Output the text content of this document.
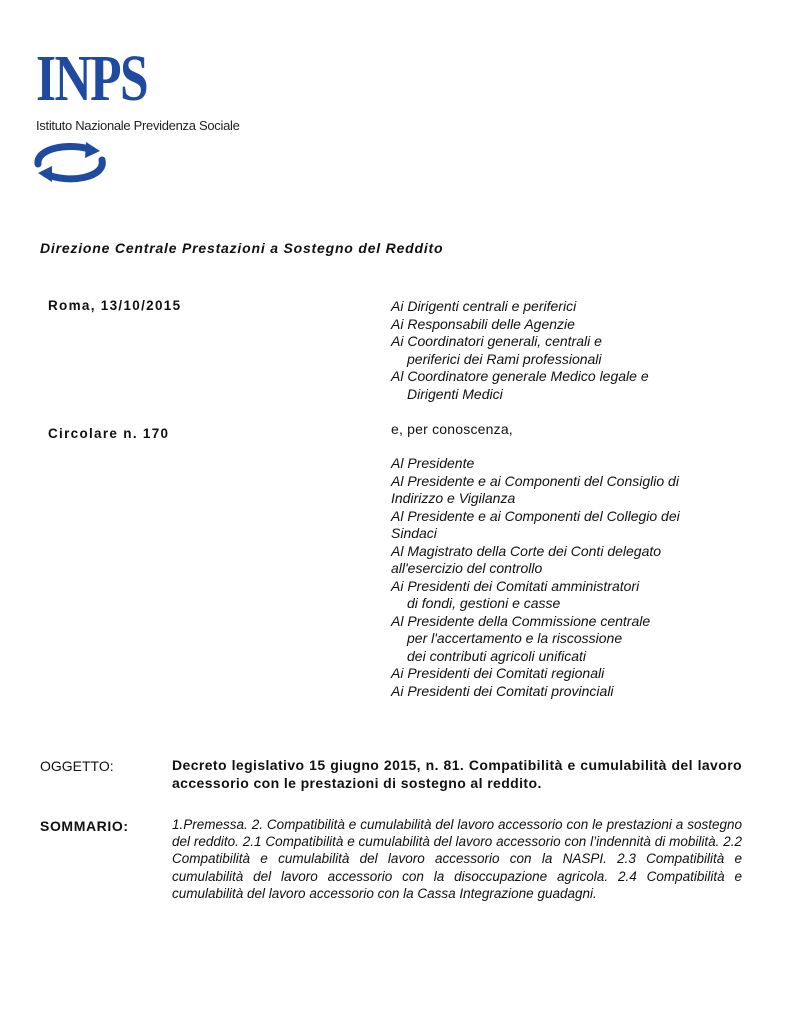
INPS
Istituto Nazionale Previdenza Sociale
Direzione Centrale Prestazioni a Sostegno del Reddito
Roma, 13/10/2015
Circolare n. 170
Ai Dirigenti centrali e periferici
Ai Responsabili delle Agenzie
Ai Coordinatori generali, centrali e
periferici dei Rami professionali
Al Coordinatore generale Medico legale e
Dirigenti Medici
e, per conoscenza,
Al Presidente
Al Presidente e ai Componenti del Consiglio di
Indirizzo e Vigilanza
Al Presidente e ai Componenti del Collegio dei
Sindaci
Al Magistrato della Corte dei Conti delegato
all'esercizio del controllo
Ai Presidenti dei Comitati amministratori
di fondi, gestioni e casse
Al Presidente della Commissione centrale
per l'accertamento e la riscossione
dei contributi agricoli unificati
Ai Presidenti dei Comitati regionali
Ai Presidenti dei Comitati provinciali
OGGETTO:	Decreto legislativo 15 giugno 2015, n. 81. Compatibilità e cumulabilità del lavoro accessorio con le prestazioni di sostegno al reddito.
SOMMARIO:	1.Premessa. 2. Compatibilità e cumulabilità del lavoro accessorio con le prestazioni a sostegno del reddito. 2.1 Compatibilità e cumulabilità del lavoro accessorio con l’indennità di mobilità. 2.2 Compatibilità e cumulabilità del lavoro accessorio con la NASPI. 2.3 Compatibilità e cumulabilità del lavoro accessorio con la disoccupazione agricola. 2.4 Compatibilità e cumulabilità del lavoro accessorio con la Cassa Integrazione guadagni.
